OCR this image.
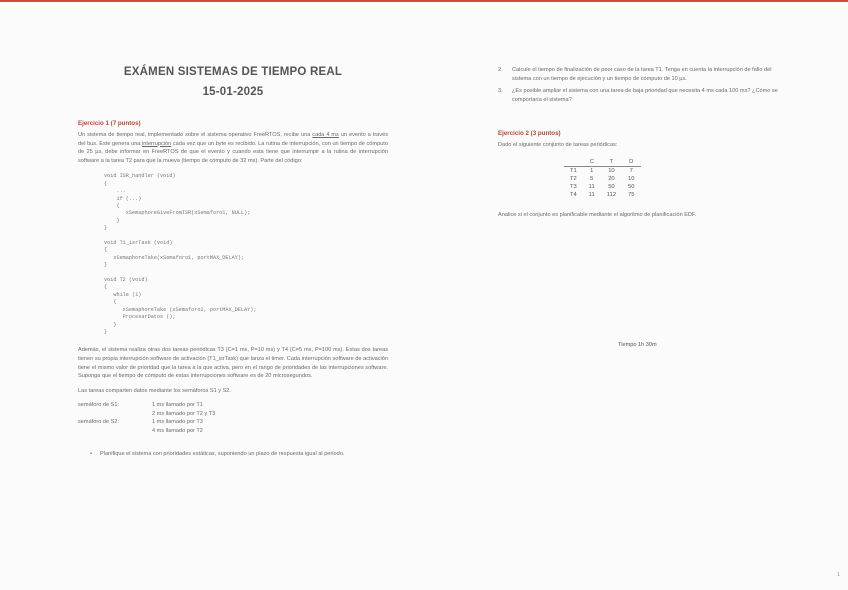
EXÁMEN SISTEMAS DE TIEMPO REAL
15-01-2025
Ejercicio 1 (7 puntos)
Un sistema de tiempo real, implementado sobre el sistema operativo FreeRTOS, recibe una cada 4 ms un evento a través del bus. Este genera una interrupción cada vez que un byte es recibido. La rutina de interrupción, con un tiempo de cómputo de 25 µs, debe informar en FreeRTOS de que el evento y cuando esta tiene que interrumpir a la rutina de interrupción software a la tarea T2 para que la mueva (tiempo de cómputo de 32 ms). Parte del código:
void ISR_handler (void)
{
...
if (...)
{
xSemaphoreGiveFromISR(xSemaforo1, NULL);
}
}

void T1_isrTask (void)
{
xSemaphoreTake(xSemaforo1, portMAX_DELAY);
}

void T2 (void)
{
while (1)
{
xSemaphoreTake (xSemaforo2, portMAX_DELAY);
ProcesarDatos ();
}
}
Además, el sistema realiza otras dos tareas periódicas T3 (C=1 ms, P=10 ms) y T4 (C=5 ms, P=100 ms). Estas dos tareas tienen su propia interrupción software de activación (T1_isrTask) que lanza el timer. Cada interrupción software de activación tiene el mismo valor de prioridad que la tarea a la que activa, pero en el rango de prioridades de las interrupciones software. Suponga que el tiempo de cómputo de estas interrupciones software es de 20 microsegundos.
Las tareas comparten datos mediante los semáforos S1 y S2.
semáforo de S1:	1 ms llamado por T1
2 ms llamado por T2 y T3
semáforo de S2:	1 ms llamado por T3
4 ms llamado por T2
• Planifique el sistema con prioridades estáticas, suponiendo un plazo de respuesta igual al periodo.
2. Calcule el tiempo de finalización de peor caso de la tarea T1. Tenga en cuenta la interrupción de fallo del sistema con un tiempo de ejecución y un tiempo de cómputo de 10 µs.
3. ¿Es posible ampliar el sistema con una tarea de baja prioridad que necesita 4 ms cada 100 ms? ¿Cómo se comportaría el sistema?
Ejercicio 2 (3 puntos)
Dado el siguiente conjunto de tareas periódicas:
	C	T	D
T1	1	10	7
T2	5	20	10
T3	11	50	50
T4	11	112	75
Analice si el conjunto es planificable mediante el algoritmo de planificación EDF.
Tiempo 1h 30m
1
